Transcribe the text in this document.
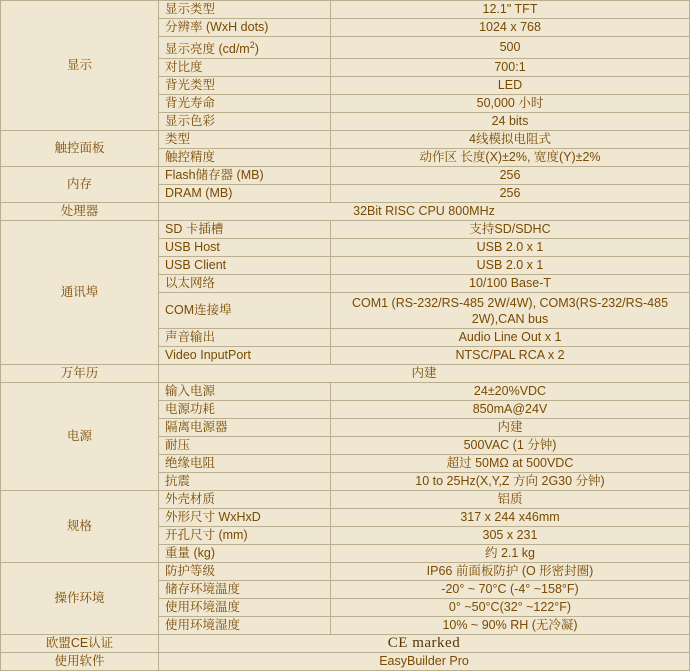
显示	显示类型	12.1" TFT
	分辨率 (WxH dots)	1024 x 768
	显示亮度 $(cd/m^2)$	500
	对比度	700:1
	背光类型	LED
	背光寿命	50,000 小时
	显示色彩	24 bits
触控面板	类型	4线模拟电阻式
	触控精度	动作区 长度(X)±2%, 宽度(Y)±2%
内存	Flash储存器 (MB)	256
	DRAM (MB)	256
处理器	32Bit RISC CPU 800MHz	
通讯埠	SD 卡插槽	支持SD/SDHC
	USB Host	USB 2.0 x 1
	USB Client	USB 2.0 x 1
	以太网络	10/100 Base-T
	COM连接埠	COM1 (RS-232/RS-485 2W/4W), COM3(RS-232/RS-485 2W),CAN bus
	声音输出	Audio Line Out x 1
	Video InputPort	NTSC/PAL RCA x 2
万年历	内建	
电源	输入电源	24±20%VDC
	电源功耗	850mA@24V
	隔离电源器	内建
	耐压	500VAC (1 分钟)
	绝缘电阻	超过 50MΩ at 500VDC
	抗震	10 to 25Hz(X,Y,Z 方向 2G30 分钟)
规格	外壳材质	铝质
	外形尺寸 WxHxD	317 x 244 x46mm
	开孔尺寸 (mm)	305 x 231
	重量 (kg)	约 2.1 kg
操作环境	防护等级	IP66 前面板防护 (O 形密封圈)
	储存环境温度	-20° ~ 70°C (-4° ~158°F)
	使用环境温度	0° ~50°C(32° ~122°F)
	使用环境湿度	10% ~ 90% RH (无冷凝)
欧盟CE认证	CE marked	
使用软件	EasyBuilder Pro	
